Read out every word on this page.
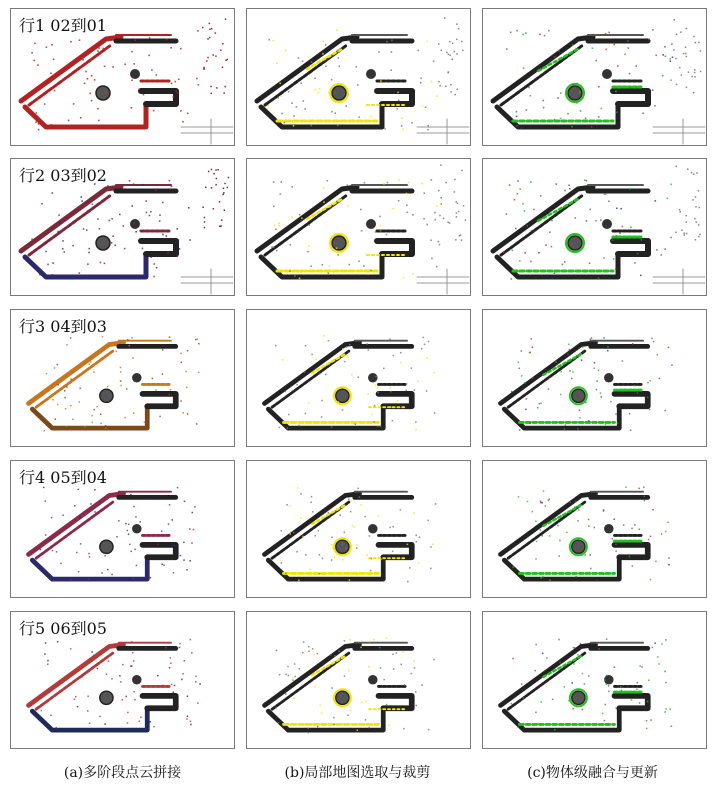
行1 02到01
行2 03到02
行3 04到03
行4 05到04
行5 06到05
(a)多阶段点云拼接	(b)局部地图选取与裁剪	(c)物体级融合与更新
